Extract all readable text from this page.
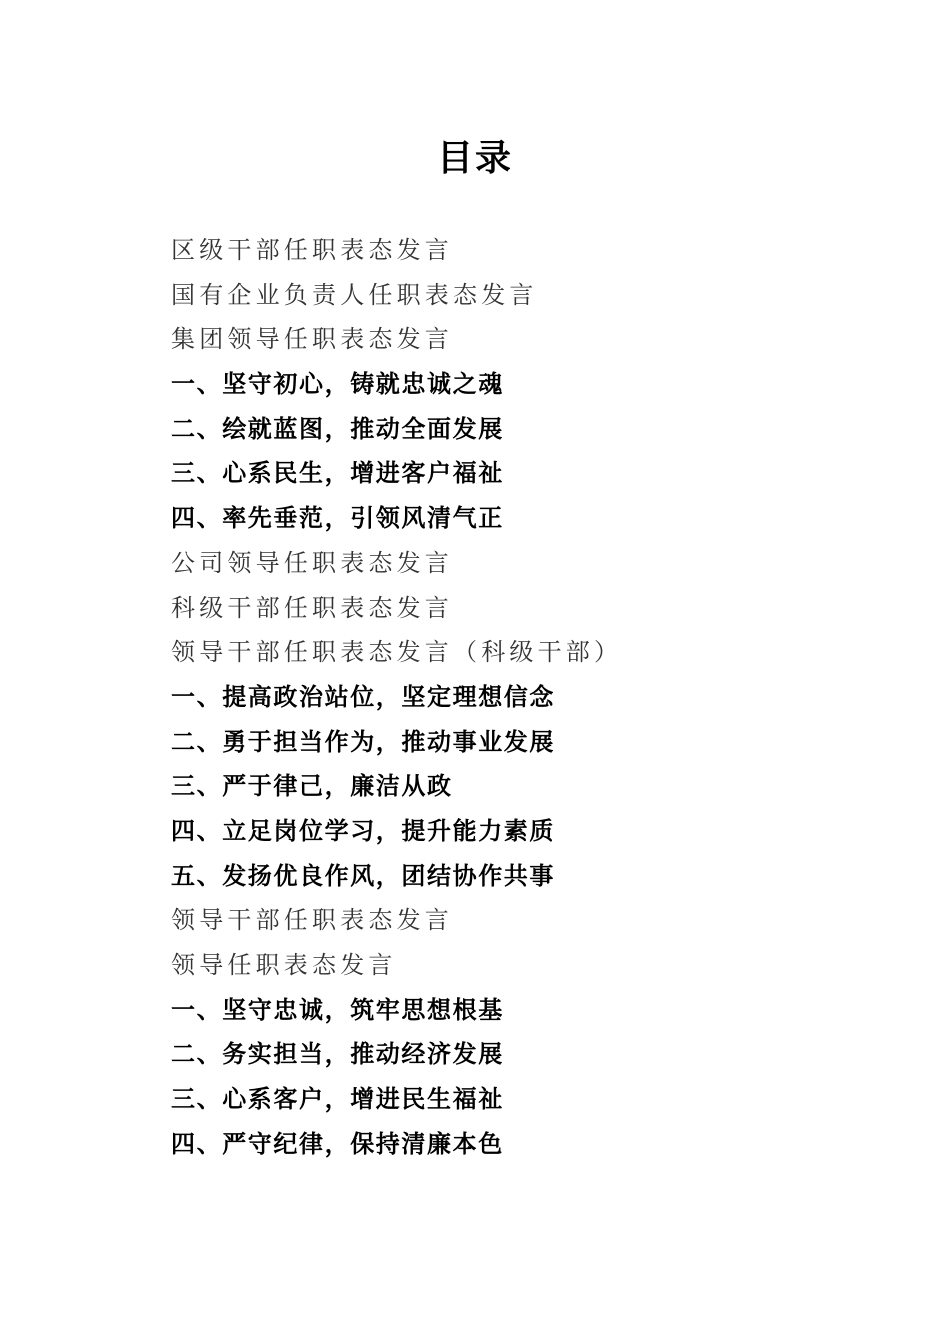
目录
区级干部任职表态发言
国有企业负责人任职表态发言
集团领导任职表态发言
一、坚守初心，铸就忠诚之魂
二、绘就蓝图，推动全面发展
三、心系民生，增进客户福祉
四、率先垂范，引领风清气正
公司领导任职表态发言
科级干部任职表态发言
领导干部任职表态发言（科级干部）
一、提高政治站位，坚定理想信念
二、勇于担当作为，推动事业发展
三、严于律己，廉洁从政
四、立足岗位学习，提升能力素质
五、发扬优良作风，团结协作共事
领导干部任职表态发言
领导任职表态发言
一、坚守忠诚，筑牢思想根基
二、务实担当，推动经济发展
三、心系客户，增进民生福祉
四、严守纪律，保持清廉本色
